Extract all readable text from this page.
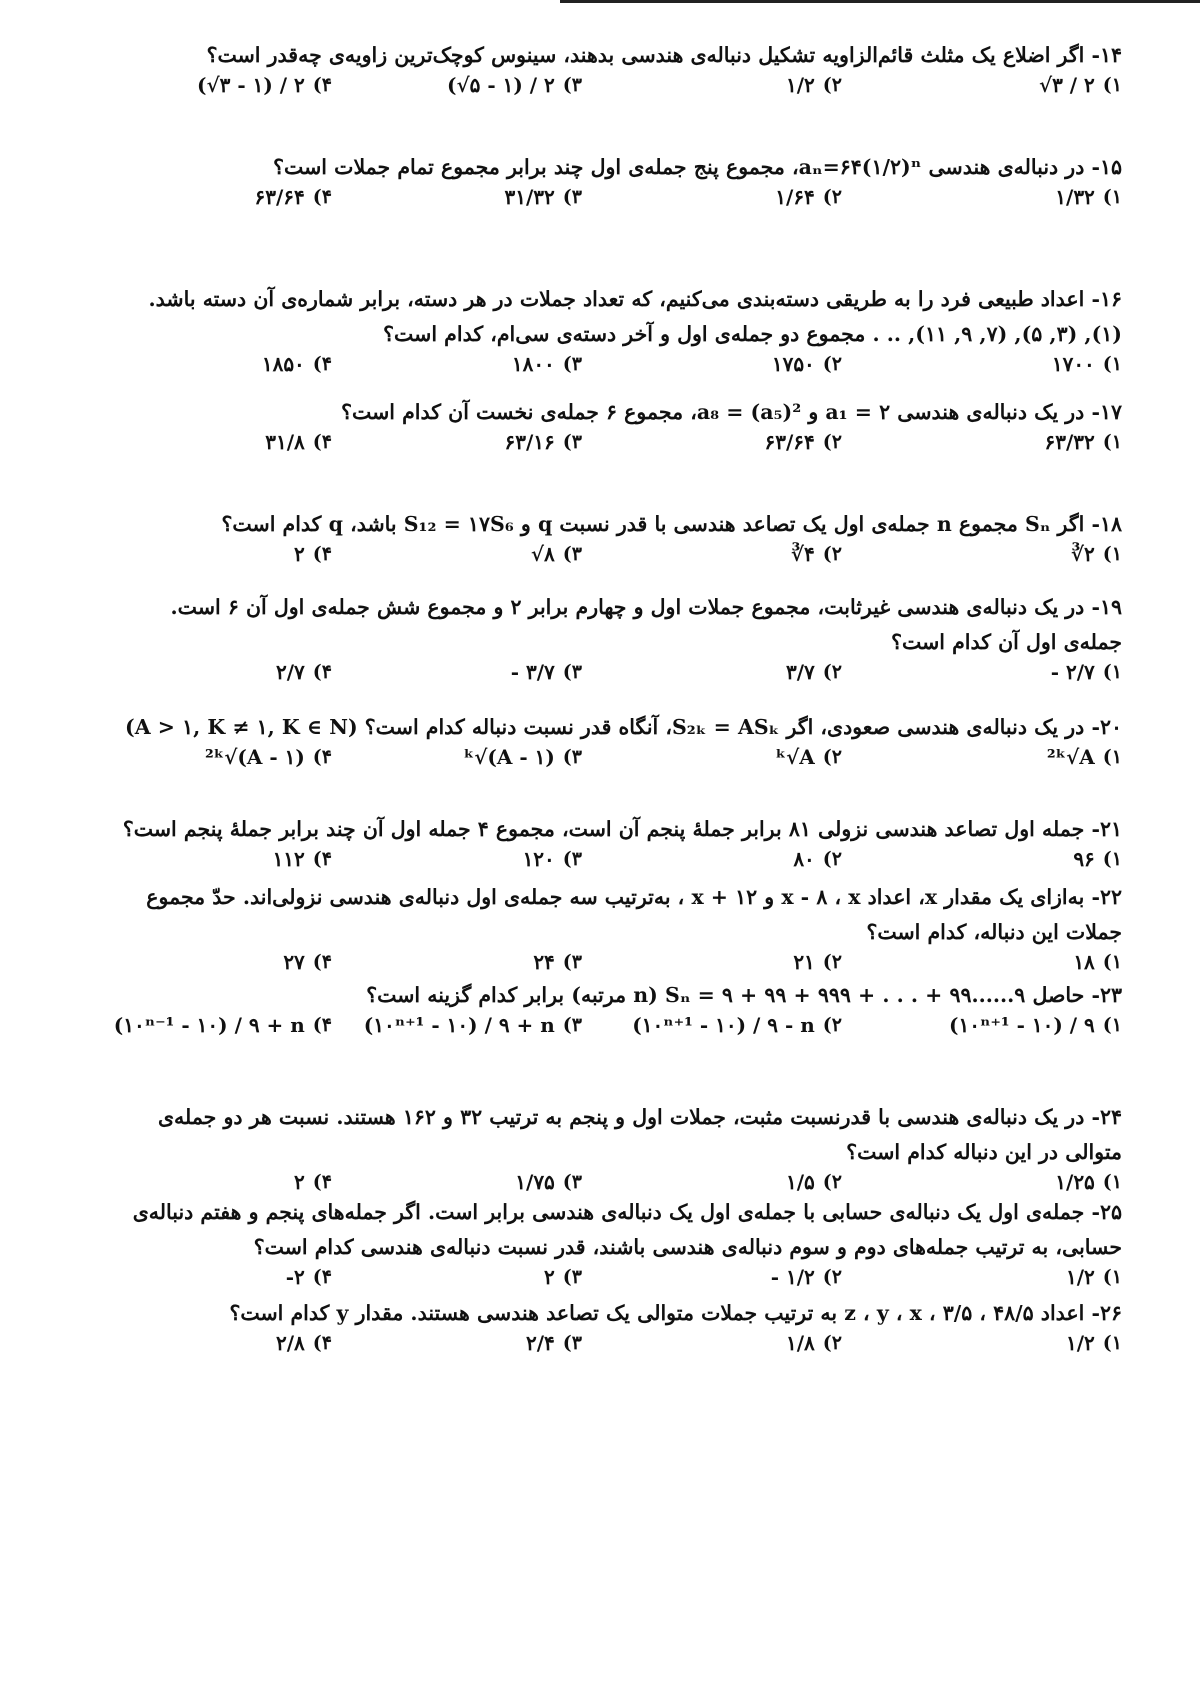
۱۴- اگر اضلاع یک مثلث قائم‌الزاویه تشکیل دنباله‌ی هندسی بدهند، سینوس کوچک‌ترین زاویه‌ی چه‌قدر است؟
√۳ / ۲ (۱
۱/۲ (۲
(√۵ - ۱) / ۲ (۳
(√۳ - ۱) / ۲ (۴
۱۵- در دنباله‌ی هندسی aₙ=۶۴(۱/۲)ⁿ، مجموع پنج جمله‌ی اول چند برابر مجموع تمام جملات است؟
۱/۳۲ (۱
۱/۶۴ (۲
۳۱/۳۲ (۳
۶۳/۶۴ (۴
۱۶- اعداد طبیعی فرد را به طریقی دسته‌بندی می‌کنیم، که تعداد جملات در هر دسته، برابر شماره‌ی آن دسته باشد.
(۱), (۳, ۵), (۷, ۹, ۱۱), .. . مجموع دو جمله‌ی اول و آخر دسته‌ی سی‌ام، کدام است؟
۱۷۰۰ (۱
۱۷۵۰ (۲
۱۸۰۰ (۳
۱۸۵۰ (۴
۱۷- در یک دنباله‌ی هندسی a₁ = ۲ و a₈ = (a₅)²، مجموع ۶ جمله‌ی نخست آن کدام است؟
۶۳/۳۲ (۱
۶۳/۶۴ (۲
۶۳/۱۶ (۳
۳۱/۸ (۴
۱۸- اگر Sₙ مجموع n جمله‌ی اول یک تصاعد هندسی با قدر نسبت q و S₁₂ = ۱۷S₆ باشد، q کدام است؟
∛۲ (۱
∛۴ (۲
√۸ (۳
۲ (۴
۱۹- در یک دنباله‌ی هندسی غیرثابت، مجموع جملات اول و چهارم برابر ۲ و مجموع شش جمله‌ی اول آن ۶ است.
جمله‌ی اول آن کدام است؟
- ۲/۷ (۱
۳/۷ (۲
- ۳/۷ (۳
۲/۷ (۴
۲۰- در یک دنباله‌ی هندسی صعودی، اگر S₂ₖ = ASₖ، آنگاه قدر نسبت دنباله کدام است؟ (A > ۱, K ≠ ۱, K ∈ N)
²ᵏ√A (۱
ᵏ√A (۲
ᵏ√(A - ۱) (۳
²ᵏ√(A - ۱) (۴
۲۱- جمله اول تصاعد هندسی نزولی ۸۱ برابر جملهٔ پنجم آن است، مجموع ۴ جمله اول آن چند برابر جملهٔ پنجم است؟
۹۶ (۱
۸۰ (۲
۱۲۰ (۳
۱۱۲ (۴
۲۲- به‌ازای یک مقدار x، اعداد x - ۸ ، x و x + ۱۲ ، به‌ترتیب سه جمله‌ی اول دنباله‌ی هندسی نزولی‌اند. حدّ مجموع
جملات این دنباله، کدام است؟
۱۸ (۱
۲۱ (۲
۲۴ (۳
۲۷ (۴
۲۳- حاصل Sₙ = ۹ + ۹۹ + ۹۹۹ + . . . + ۹۹......۹ (n مرتبه) برابر کدام گزینه است؟
(۱۰ⁿ⁺¹ - ۱۰) / ۹ (۱
(۱۰ⁿ⁺¹ - ۱۰) / ۹ - n (۲
(۱۰ⁿ⁺¹ - ۱۰) / ۹ + n (۳
(۱۰ⁿ⁻¹ - ۱۰) / ۹ + n (۴
۲۴- در یک دنباله‌ی هندسی با قدرنسبت مثبت، جملات اول و پنجم به ترتیب ۳۲ و ۱۶۲ هستند. نسبت هر دو جمله‌ی
متوالی در این دنباله کدام است؟
۱/۲۵ (۱
۱/۵ (۲
۱/۷۵ (۳
۲ (۴
۲۵- جمله‌ی اول یک دنباله‌ی حسابی با جمله‌ی اول یک دنباله‌ی هندسی برابر است. اگر جمله‌های پنجم و هفتم دنباله‌ی
حسابی، به ترتیب جمله‌های دوم و سوم دنباله‌ی هندسی باشند، قدر نسبت دنباله‌ی هندسی کدام است؟
۱/۲ (۱
- ۱/۲ (۲
۲ (۳
-۲ (۴
۲۶- اعداد ۴۸/۵ ، z ، y ، x ، ۳/۵ به ترتیب جملات متوالی یک تصاعد هندسی هستند. مقدار y کدام است؟
۱/۲ (۱
۱/۸ (۲
۲/۴ (۳
۲/۸ (۴
